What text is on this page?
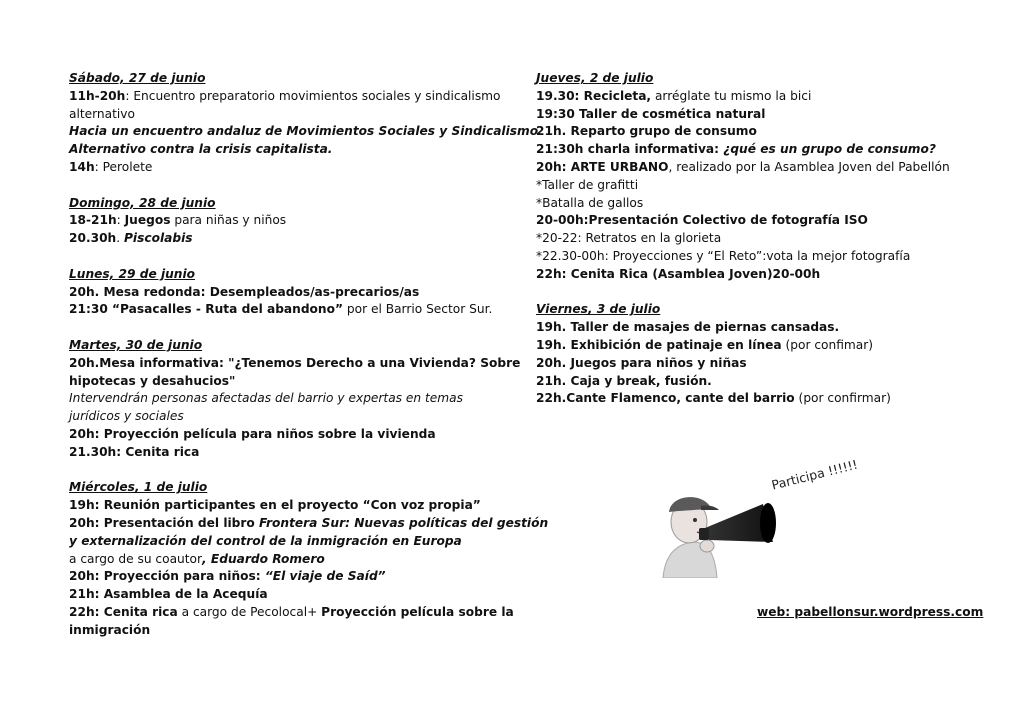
Sábado, 27 de junio
11h-20h: Encuentro preparatorio movimientos sociales y sindicalismo
alternativo
Hacia un encuentro andaluz de Movimientos Sociales y Sindicalismo
Alternativo contra la crisis capitalista.
14h: Perolete
Domingo, 28 de junio
18-21h: Juegos para niñas y niños
20.30h. Piscolabis
Lunes, 29 de junio
20h. Mesa redonda: Desempleados/as-precarios/as
21:30 “Pasacalles - Ruta del abandono” por el Barrio Sector Sur.
Martes, 30 de junio
20h.Mesa informativa: "¿Tenemos Derecho a una Vivienda? Sobre
hipotecas y desahucios"
Intervendrán personas afectadas del barrio y expertas en temas
jurídicos y sociales
20h: Proyección película para niños sobre la vivienda
21.30h: Cenita rica
Miércoles, 1 de julio
19h: Reunión participantes en el proyecto “Con voz propia”
20h: Presentación del libro Frontera Sur: Nuevas políticas del gestión
y externalización del control de la inmigración en Europa
a cargo de su coautor, Eduardo Romero
20h: Proyección para niños: “El viaje de Saíd”
21h: Asamblea de la Acequía
22h: Cenita rica a cargo de Pecolocal+ Proyección película sobre la
inmigración
Jueves, 2 de julio
19.30: Recicleta, arréglate tu mismo la bici
19:30 Taller de cosmética natural
21h. Reparto grupo de consumo
21:30h charla informativa: ¿qué es un grupo de consumo?
20h: ARTE URBANO, realizado por la Asamblea Joven del Pabellón
*Taller de grafitti
*Batalla de gallos
20-00h:Presentación Colectivo de fotografía ISO
*20-22: Retratos en la glorieta
*22.30-00h: Proyecciones y “El Reto”:vota la mejor fotografía
22h: Cenita Rica (Asamblea Joven)20-00h
Viernes, 3 de julio
19h. Taller de masajes de piernas cansadas.
19h. Exhibición de patinaje en línea (por confimar)
20h. Juegos para niños y niñas
21h. Caja y break, fusión.
22h.Cante Flamenco, cante del barrio (por confirmar)
Participa !!!!!!
web: pabellonsur.wordpress.com
